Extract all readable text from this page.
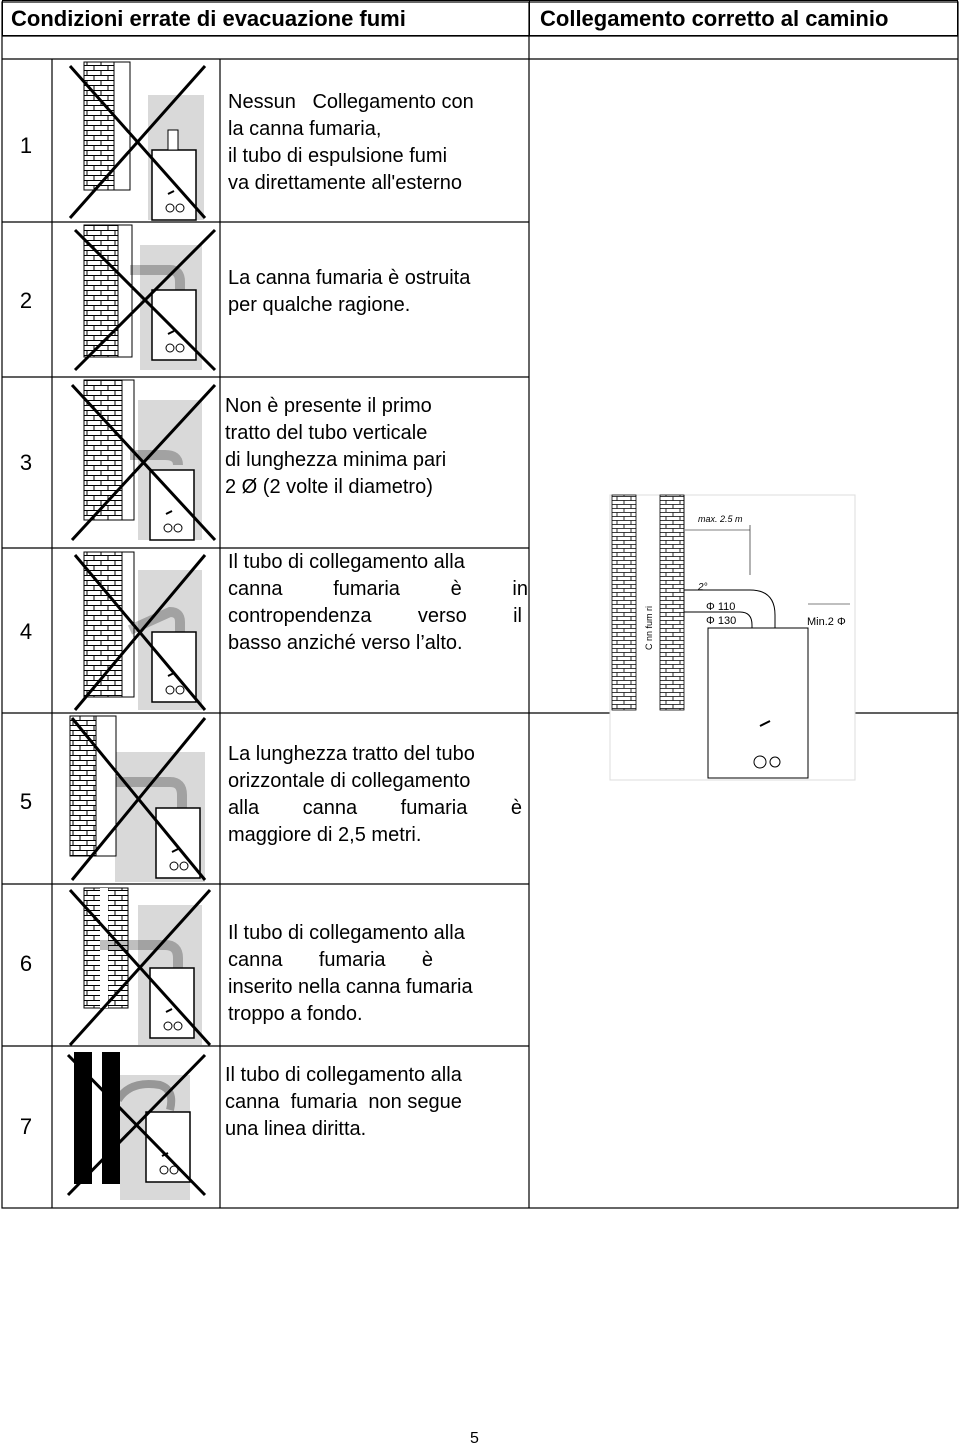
Condizioni errate di evacuazione fumi	Collegamento corretto al caminio
1
2
3
4
5
6
7
Nessun   Collegamento con
la canna fumaria,
il tubo di espulsione fumi
va direttamente all'esterno
La canna fumaria è ostruita
per qualche ragione.
Non è presente il primo
tratto del tubo verticale
di lunghezza minima pari
2 Ø (2 volte il diametro)
Il tubo di collegamento alla
canna fumaria è in
contropendenza verso il
basso anziché verso l’alto.
La lunghezza tratto del tubo
orizzontale di collegamento
alla canna fumaria è
maggiore di 2,5 metri.
Il tubo di collegamento alla
canna fumaria è
inserito nella canna fumaria
troppo a fondo.
Il tubo di collegamento alla
canna  fumaria  non segue
una linea diritta.
max. 2.5 m
2°
Φ 110
Φ 130	Min.2 Φ
C nn fum ri
5
